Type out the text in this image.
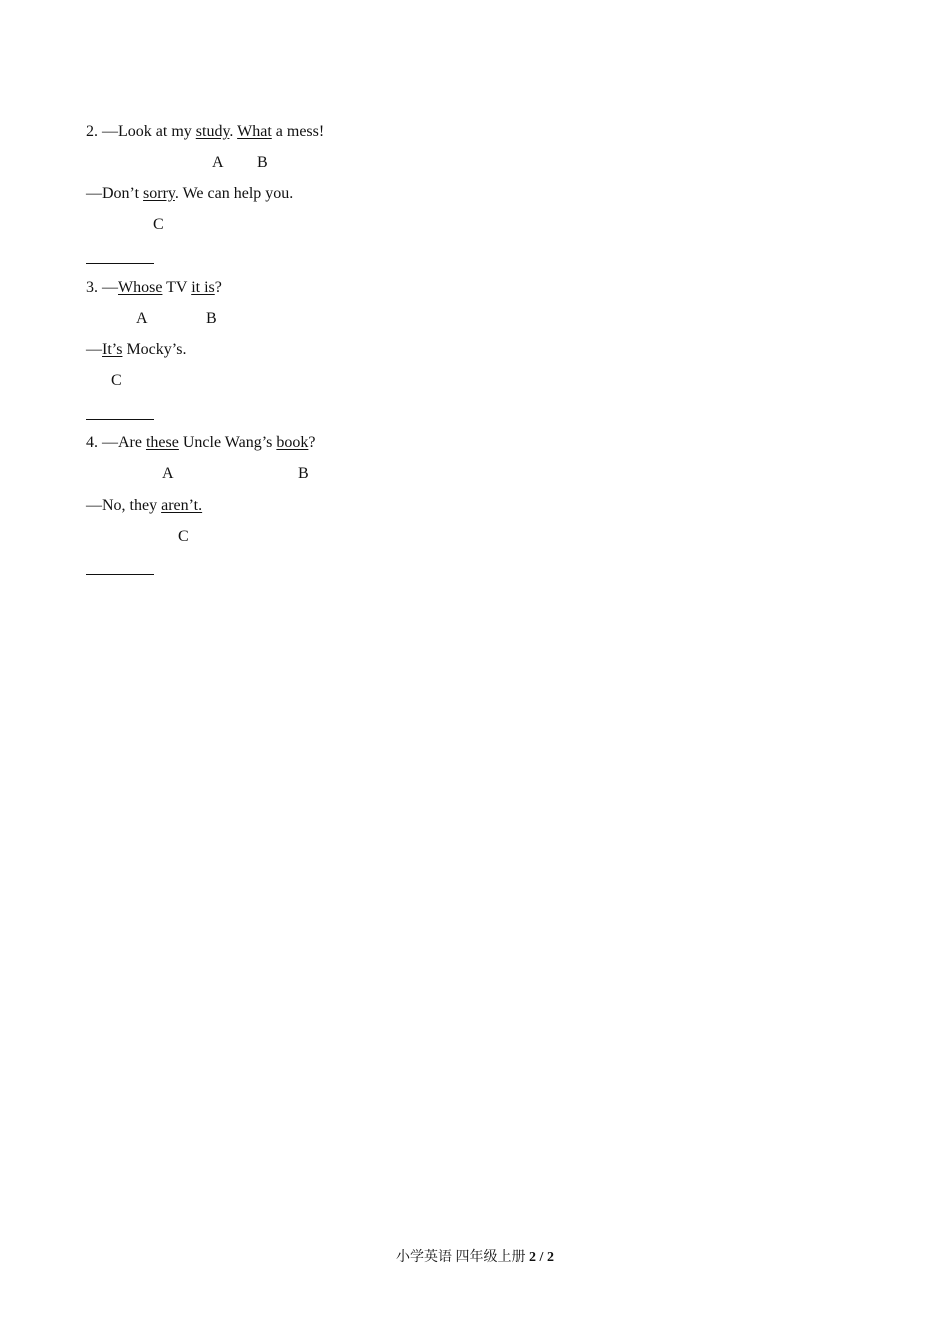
2. —Look at my study. What a mess!
A B
—Don’t sorry. We can help you.
C
3. —Whose TV it is?
A	B
—It’s Mocky’s.
C
4. —Are these Uncle Wang’s book?
A	B
—No, they aren’t.
C
小学英语 四年级上册 2 / 2
